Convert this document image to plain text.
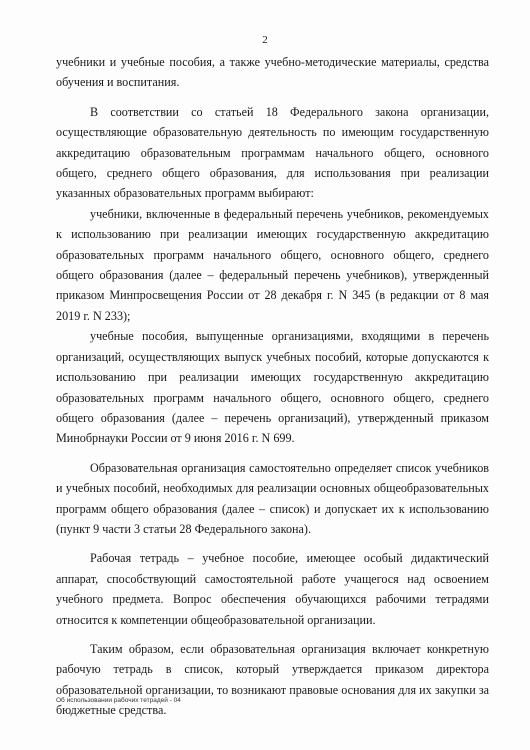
2

учебники и учебные пособия, а также учебно-методические материалы, средства обучения и воспитания.

В соответствии со статьей 18 Федерального закона организации, осуществляющие образовательную деятельность по имеющим государственную аккредитацию образовательным программам начального общего, основного общего, среднего общего образования, для использования при реализации указанных образовательных программ выбирают:

учебники, включенные в федеральный перечень учебников, рекомендуемых к использованию при реализации имеющих государственную аккредитацию образовательных программ начального общего, основного общего, среднего общего образования (далее – федеральный перечень учебников), утвержденный приказом Минпросвещения России от 28 декабря г. N 345 (в редакции от 8 мая 2019 г. N 233);

учебные пособия, выпущенные организациями, входящими в перечень организаций, осуществляющих выпуск учебных пособий, которые допускаются к использованию при реализации имеющих государственную аккредитацию образовательных программ начального общего, основного общего, среднего общего образования (далее – перечень организаций), утвержденный приказом Минобрнауки России от 9 июня 2016 г. N 699.

Образовательная организация самостоятельно определяет список учебников и учебных пособий, необходимых для реализации основных общеобразовательных программ общего образования (далее – список) и допускает их к использованию (пункт 9 части 3 статьи 28 Федерального закона).

Рабочая тетрадь – учебное пособие, имеющее особый дидактический аппарат, способствующий самостоятельной работе учащегося над освоением учебного предмета. Вопрос обеспечения обучающихся рабочими тетрадями относится к компетенции общеобразовательной организации.

Таким образом, если образовательная организация включает конкретную рабочую тетрадь в список, который утверждается приказом директора образовательной организации, то возникают правовые основания для их закупки за бюджетные средства.

Об использовании рабочих тетрадей - 04
